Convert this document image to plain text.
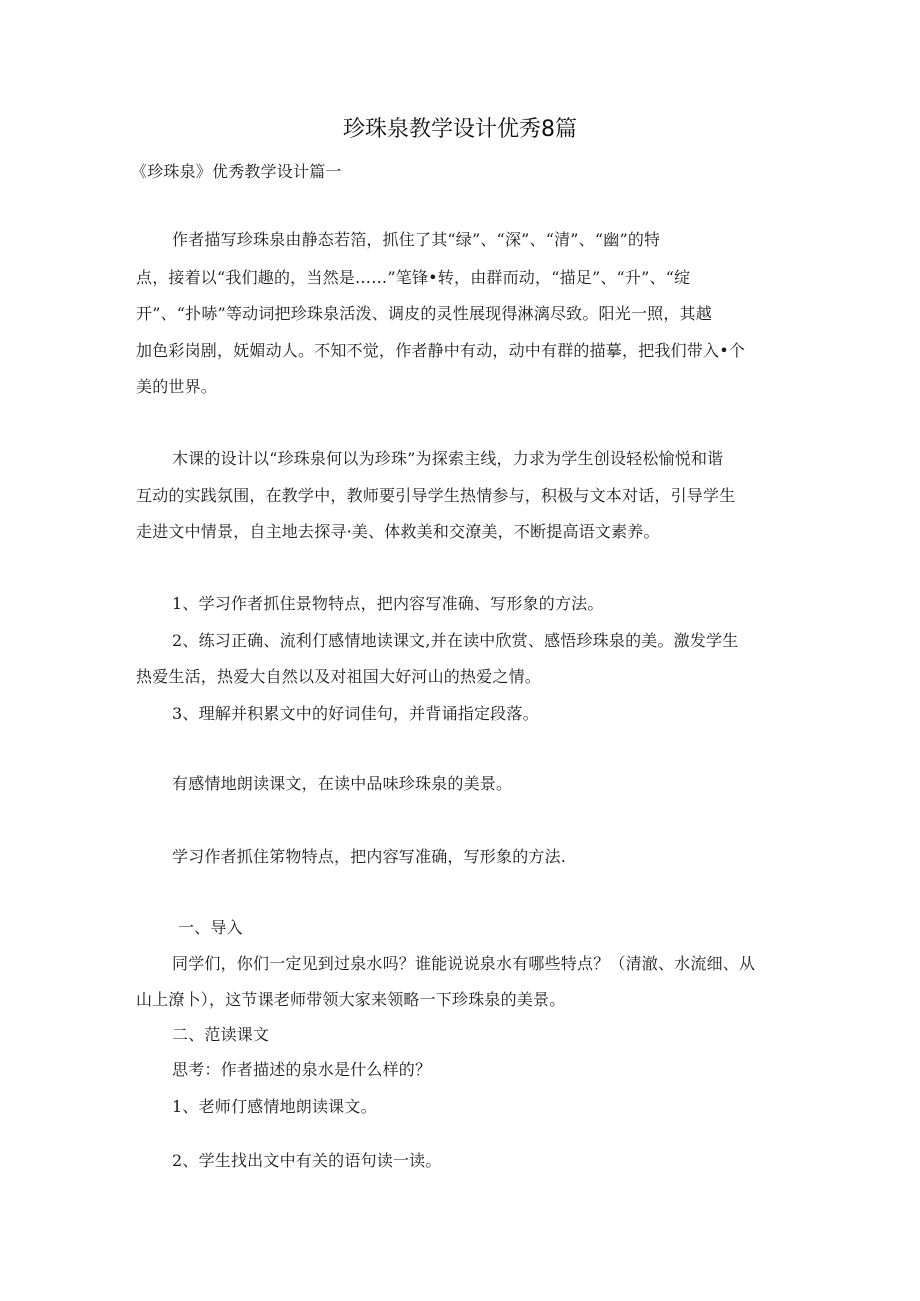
珍珠泉教学设计优秀8篇
《珍珠泉》优秀教学设计篇一
作者描写珍珠泉由静态若箔，抓住了其“绿”、“深”、“清”、“幽”的特
点，接着以“我们趣的，当然是……”笔锋•转，由群而动，“描足”、“升”、“绽
开”、“扑哧”等动词把珍珠泉活泼、调皮的灵性展现得淋漓尽致。阳光一照，其越
加色彩岗剧，妩媚动人。不知不觉，作者静中有动，动中有群的描摹，把我们带入•个
美的世界。
木课的设计以“珍珠泉何以为珍珠”为探索主线，力求为学生创设轻松愉悦和谐
互动的实践氛围，在教学中，教师要引导学生热情参与，积极与文本对话，引导学生
走进文中情景，自主地去探寻·美、体救美和交潦美，不断提高语文素养。
1、学习作者抓住景物特点，把内容写准确、写形象的方法。
2、练习正确、流利仃感情地读课文,并在读中欣赏、感悟珍珠泉的美。激发学生
热爱生活，热爱大自然以及对祖国大好河山的热爱之情。
3、理解并积累文中的好词佳句，并背诵指定段落。
有感情地朗读课文，在读中品味珍珠泉的美景。
学习作者抓住笫物特点，把内容写准确，写形象的方法.
一、导入
同学们，你们一定见到过泉水吗？谁能说说泉水有哪些特点？（清澈、水流细、从
山上潦卜），这节课老师带领大家来领略一下珍珠泉的美景。
二、范读课文
思考：作者描述的泉水是什么样的？
1、老师仃感情地朗读课文。
2、学生找出文中有关的语句读一读。
